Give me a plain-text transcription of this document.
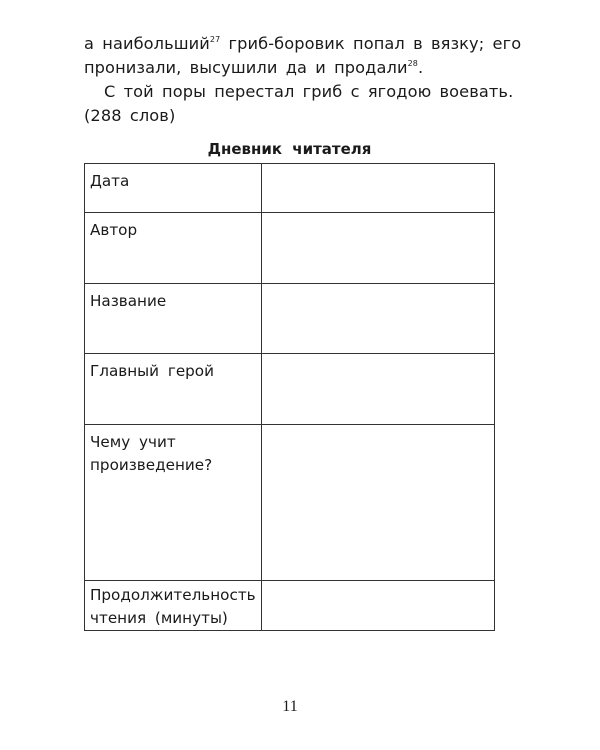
а наибольший$^{27}$ гриб-боровик попал в вязку; его
пронизали, высушили да и продали$^{28}$.
С той поры перестал гриб с ягодою воевать.
(288 слов)
Дневник читателя
Дата	
Автор	
Название	
Главный герой	
Чему учит произведение?	
Продолжительность чтения (минуты)	
11
